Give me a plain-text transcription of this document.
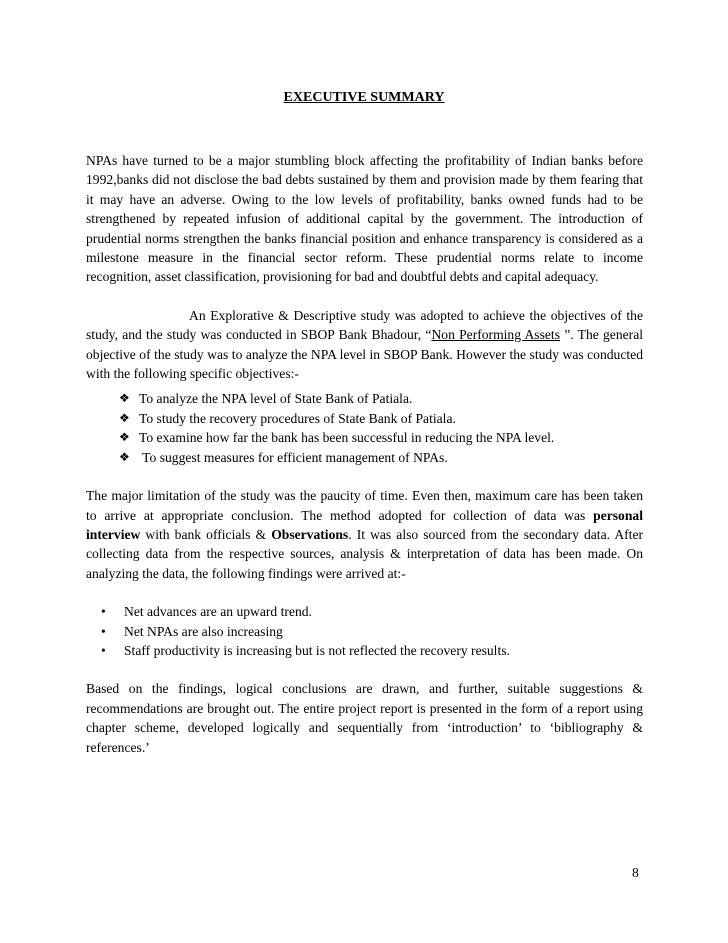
EXECUTIVE SUMMARY

NPAs have turned to be a major stumbling block affecting the profitability of Indian banks before 1992,banks did not disclose the bad debts sustained by them and provision made by them fearing that it may have an adverse. Owing to the low levels of profitability, banks owned funds had to be strengthened by repeated infusion of additional capital by the government. The introduction of prudential norms strengthen the banks financial position and enhance transparency is considered as a milestone measure in the financial sector reform. These prudential norms relate to income recognition, asset classification, provisioning for bad and doubtful debts and capital adequacy.

An Explorative & Descriptive study was adopted to achieve the objectives of the study, and the study was conducted in SBOP Bank Bhadour, “Non Performing Assets ”. The general objective of the study was to analyze the NPA level in SBOP Bank. However the study was conducted with the following specific objectives:-

❖ To analyze the NPA level of State Bank of Patiala.
❖ To study the recovery procedures of State Bank of Patiala.
❖ To examine how far the bank has been successful in reducing the NPA level.
❖ To suggest measures for efficient management of NPAs.

The major limitation of the study was the paucity of time. Even then, maximum care has been taken to arrive at appropriate conclusion. The method adopted for collection of data was personal interview with bank officials & Observations. It was also sourced from the secondary data. After collecting data from the respective sources, analysis & interpretation of data has been made. On analyzing the data, the following findings were arrived at:-

• Net advances are an upward trend.
• Net NPAs are also increasing
• Staff productivity is increasing but is not reflected the recovery results.

Based on the findings, logical conclusions are drawn, and further, suitable suggestions & recommendations are brought out. The entire project report is presented in the form of a report using chapter scheme, developed logically and sequentially from ‘introduction’ to ‘bibliography & references.’

8
